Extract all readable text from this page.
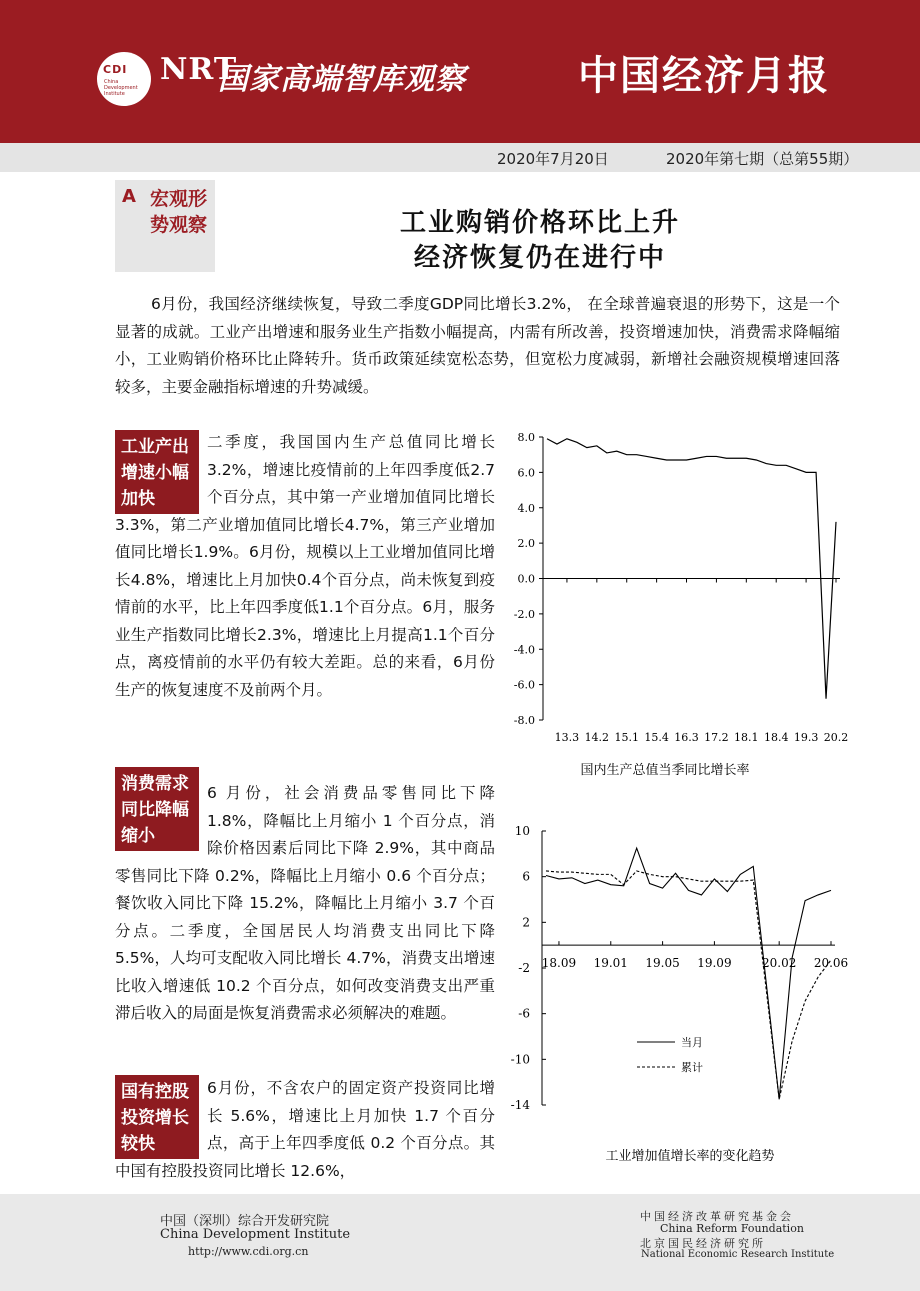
CDI
China Development Institute
NRT
国家高端智库观察	中国经济月报
2020年7月20日	2020年第七期（总第55期）
A 宏观形势观察	工业购销价格环比上升
经济恢复仍在进行中
6月份，我国经济继续恢复，导致二季度GDP同比增长3.2%， 在全球普遍衰退的形势下，这是一个显著的成就。工业产出增速和服务业生产指数小幅提高，内需有所改善，投资增速加快，消费需求降幅缩小，工业购销价格环比止降转升。货币政策延续宽松态势，但宽松力度减弱，新增社会融资规模增速回落较多，主要金融指标增速的升势减缓。
二季度，我国国内生产总值同比增长3.2%，增速比疫情前的上年四季度低2.7个百分点，其中第一产业增加值同比增长3.3%，第二产业增加值同比增长4.7%，第三产业增加值同比增长1.9%。6月份，规模以上工业增加值同比增长4.8%，增速比上月加快0.4个百分点，尚未恢复到疫情前的水平，比上年四季度低1.1个百分点。6月，服务业生产指数同比增长2.3%，增速比上月提高1.1个百分点，离疫情前的水平仍有较大差距。总的来看，6月份生产的恢复速度不及前两个月。
工业产出增速小幅加快
6 月份，社会消费品零售同比下降 1.8%，降幅比上月缩小 1 个百分点，消除价格因素后同比下降 2.9%，其中商品零售同比下降 0.2%，降幅比上月缩小 0.6 个百分点；餐饮收入同比下降 15.2%，降幅比上月缩小 3.7 个百分点。二季度，全国居民人均消费支出同比下降 5.5%，人均可支配收入同比增长 4.7%，消费支出增速比收入增速低 10.2 个百分点，如何改变消费支出严重滞后收入的局面是恢复消费需求必须解决的难题。
消费需求同比降幅缩小
6月份，不含农户的固定资产投资同比增长 5.6%，增速比上月加快 1.7 个百分点，高于上年四季度低 0.2 个百分点。其中国有控股投资同比增长 12.6%，
国有控股投资增长较快
8.0
6.0
4.0
2.0
0.0
-2.0
-4.0
-6.0
-8.0
13.3 14.2 15.1 15.4 16.3 17.2 18.1 18.4 19.3 20.2
国内生产总值当季同比增长率
10
6
2
-2
-6
-10
-14
18.09 19.01 19.05 19.09	20.02 20.06
当月
累计
工业增加值增长率的变化趋势
中国（深圳）综合开发研究院
China Development Institute
http://www.cdi.org.cn
中国经济改革研究基金会
China Reform Foundation
北京国民经济研究所
National Economic Research Institute
